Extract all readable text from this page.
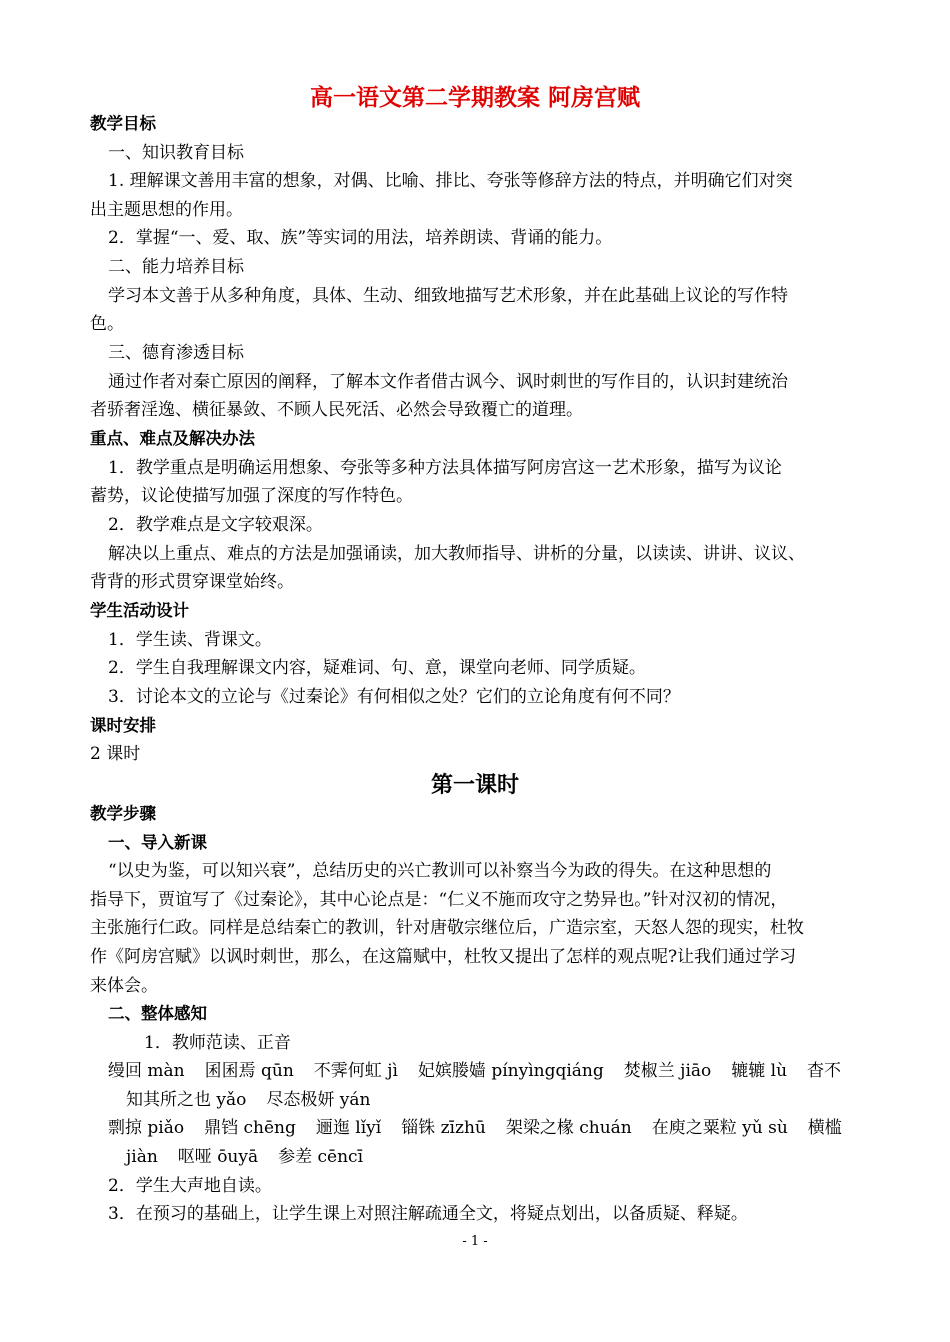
高一语文第二学期教案 阿房宫赋
教学目标
一、知识教育目标
1. 理解课文善用丰富的想象，对偶、比喻、排比、夸张等修辞方法的特点，并明确它们对突
出主题思想的作用。
2．掌握“一、爱、取、族”等实词的用法，培养朗读、背诵的能力。
二、能力培养目标
学习本文善于从多种角度，具体、生动、细致地描写艺术形象，并在此基础上议论的写作特
色。
三、德育渗透目标
通过作者对秦亡原因的阐释，了解本文作者借古讽今、讽时刺世的写作目的，认识封建统治
者骄奢淫逸、横征暴敛、不顾人民死活、必然会导致覆亡的道理。
重点、难点及解决办法
1．教学重点是明确运用想象、夸张等多种方法具体描写阿房宫这一艺术形象，描写为议论
蓄势，议论使描写加强了深度的写作特色。
2．教学难点是文字较艰深。
解决以上重点、难点的方法是加强诵读，加大教师指导、讲析的分量，以读读、讲讲、议议、
背背的形式贯穿课堂始终。
学生活动设计
1．学生读、背课文。
2．学生自我理解课文内容，疑难词、句、意，课堂向老师、同学质疑。
3．讨论本文的立论与《过秦论》有何相似之处？它们的立论角度有何不同？
课时安排
2 课时
第一课时
教学步骤
一、导入新课
“以史为鉴，可以知兴衰”，总结历史的兴亡教训可以补察当今为政的得失。在这种思想的
指导下，贾谊写了《过秦论》，其中心论点是：“仁义不施而攻守之势异也。”针对汉初的情况，
主张施行仁政。同样是总结秦亡的教训，针对唐敬宗继位后，广造宗室，天怒人怨的现实，杜牧
作《阿房宫赋》以讽时刺世，那么，在这篇赋中，杜牧又提出了怎样的观点呢?让我们通过学习
来体会。
二、整体感知
1．教师范读、正音
缦回 màn 囷囷焉 qūn 不霁何虹 jì 妃嫔媵嫱 pínyìngqiáng 焚椒兰 jiāo 辘辘 lù 杳不
知其所之也 yǎo 尽态极妍 yán
剽掠 piǎo 鼎铛 chēng 逦迤 lǐyǐ 锱铢 zīzhū 架梁之椽 chuán 在庾之粟粒 yǔ sù 横槛
jiàn 呕哑 ōuyā 参差 cēncī
2．学生大声地自读。
3．在预习的基础上，让学生课上对照注解疏通全文，将疑点划出，以备质疑、释疑。
- 1 -
